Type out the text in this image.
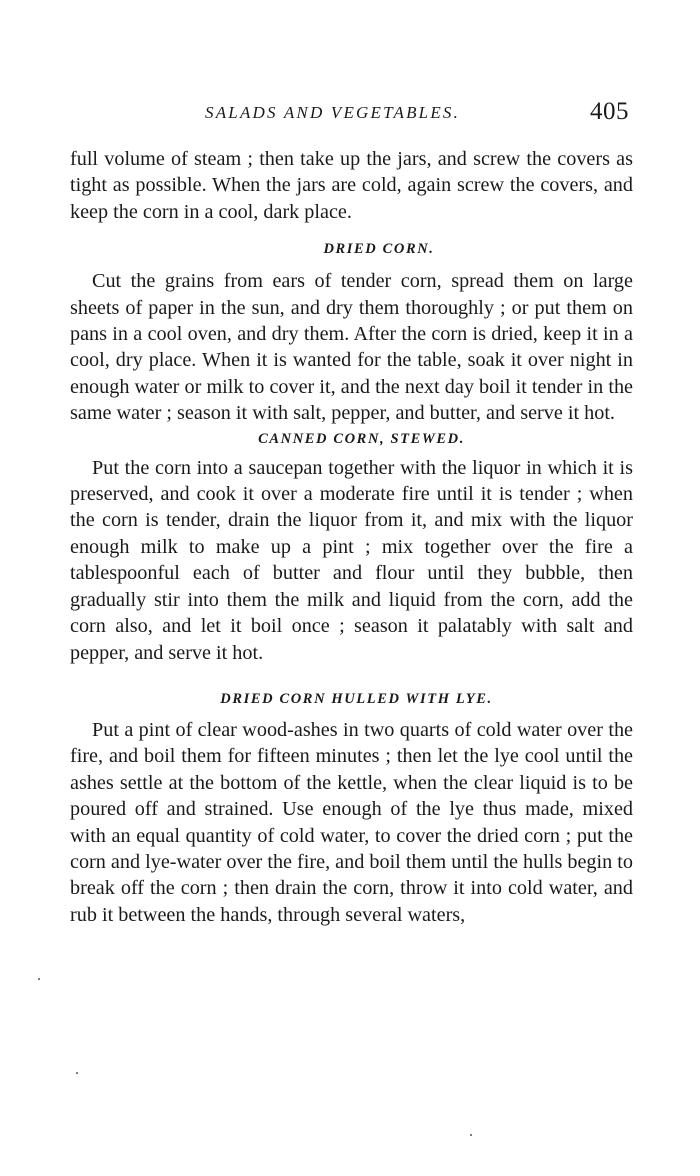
SALADS AND VEGETABLES.	405

full volume of steam ; then take up the jars, and screw the covers as tight as possible. When the jars are cold, again screw the covers, and keep the corn in a cool, dark place.

DRIED CORN.

Cut the grains from ears of tender corn, spread them on large sheets of paper in the sun, and dry them thoroughly ; or put them on pans in a cool oven, and dry them. After the corn is dried, keep it in a cool, dry place. When it is wanted for the table, soak it over night in enough water or milk to cover it, and the next day boil it tender in the same water ; season it with salt, pepper, and butter, and serve it hot.

CANNED CORN, STEWED.

Put the corn into a saucepan together with the liquor in which it is preserved, and cook it over a moderate fire until it is tender ; when the corn is tender, drain the liquor from it, and mix with the liquor enough milk to make up a pint ; mix together over the fire a tablespoonful each of butter and flour until they bubble, then gradually stir into them the milk and liquid from the corn, add the corn also, and let it boil once ; season it palatably with salt and pepper, and serve it hot.

DRIED CORN HULLED WITH LYE.

Put a pint of clear wood-ashes in two quarts of cold water over the fire, and boil them for fifteen minutes ; then let the lye cool until the ashes settle at the bottom of the kettle, when the clear liquid is to be poured off and strained. Use enough of the lye thus made, mixed with an equal quantity of cold water, to cover the dried corn ; put the corn and lye-water over the fire, and boil them until the hulls begin to break off the corn ; then drain the corn, throw it into cold water, and rub it between the hands, through several waters,
